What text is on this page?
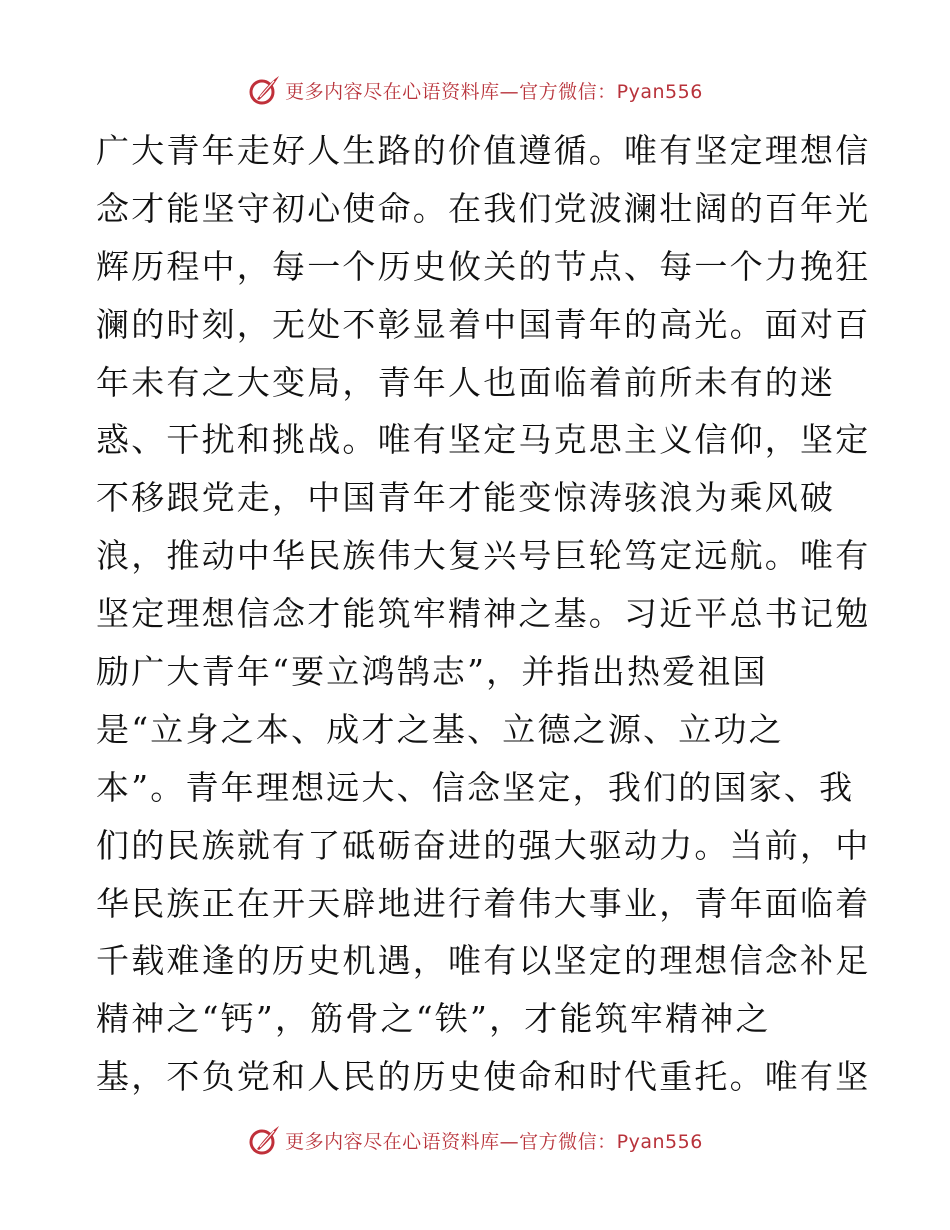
更多内容尽在心语资料库—官方微信：Pyan556
广大青年走好人生路的价值遵循。唯有坚定理想信
念才能坚守初心使命。在我们党波澜壮阔的百年光
辉历程中，每一个历史攸关的节点、每一个力挽狂
澜的时刻，无处不彰显着中国青年的高光。面对百
年未有之大变局，青年人也面临着前所未有的迷
惑、干扰和挑战。唯有坚定马克思主义信仰，坚定
不移跟党走，中国青年才能变惊涛骇浪为乘风破
浪，推动中华民族伟大复兴号巨轮笃定远航。唯有
坚定理想信念才能筑牢精神之基。习近平总书记勉
励广大青年“要立鸿鹄志”，并指出热爱祖国
是“立身之本、成才之基、立德之源、立功之
本”。青年理想远大、信念坚定，我们的国家、我
们的民族就有了砥砺奋进的强大驱动力。当前，中
华民族正在开天辟地进行着伟大事业，青年面临着
千载难逢的历史机遇，唯有以坚定的理想信念补足
精神之“钙”，筋骨之“铁”，才能筑牢精神之
基，不负党和人民的历史使命和时代重托。唯有坚
更多内容尽在心语资料库—官方微信：Pyan556
